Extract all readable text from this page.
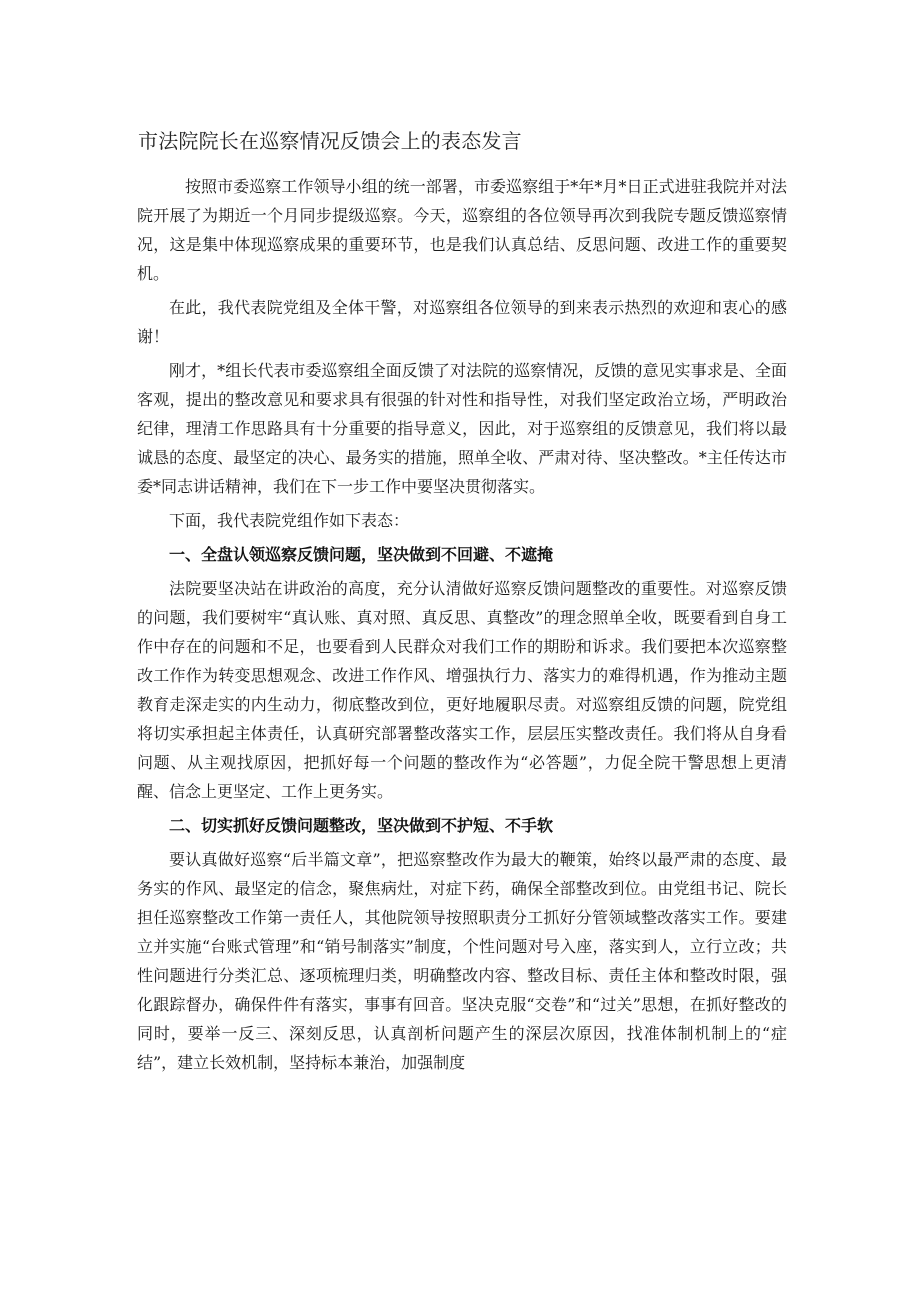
市法院院长在巡察情况反馈会上的表态发言

按照市委巡察工作领导小组的统一部署，市委巡察组于*年*月*日正式进驻我院并对法院开展了为期近一个月同步提级巡察。今天，巡察组的各位领导再次到我院专题反馈巡察情况，这是集中体现巡察成果的重要环节，也是我们认真总结、反思问题、改进工作的重要契机。

在此，我代表院党组及全体干警，对巡察组各位领导的到来表示热烈的欢迎和衷心的感谢！

刚才，*组长代表市委巡察组全面反馈了对法院的巡察情况，反馈的意见实事求是、全面客观，提出的整改意见和要求具有很强的针对性和指导性，对我们坚定政治立场，严明政治纪律，理清工作思路具有十分重要的指导意义，因此，对于巡察组的反馈意见，我们将以最诚恳的态度、最坚定的决心、最务实的措施，照单全收、严肃对待、坚决整改。*主任传达市委*同志讲话精神，我们在下一步工作中要坚决贯彻落实。

下面，我代表院党组作如下表态：

一、全盘认领巡察反馈问题，坚决做到不回避、不遮掩

法院要坚决站在讲政治的高度，充分认清做好巡察反馈问题整改的重要性。对巡察反馈的问题，我们要树牢“真认账、真对照、真反思、真整改”的理念照单全收，既要看到自身工作中存在的问题和不足，也要看到人民群众对我们工作的期盼和诉求。我们要把本次巡察整改工作作为转变思想观念、改进工作作风、增强执行力、落实力的难得机遇，作为推动主题教育走深走实的内生动力，彻底整改到位，更好地履职尽责。对巡察组反馈的问题，院党组将切实承担起主体责任，认真研究部署整改落实工作，层层压实整改责任。我们将从自身看问题、从主观找原因，把抓好每一个问题的整改作为“必答题”，力促全院干警思想上更清醒、信念上更坚定、工作上更务实。

二、切实抓好反馈问题整改，坚决做到不护短、不手软

要认真做好巡察“后半篇文章”，把巡察整改作为最大的鞭策，始终以最严肃的态度、最务实的作风、最坚定的信念，聚焦病灶，对症下药，确保全部整改到位。由党组书记、院长担任巡察整改工作第一责任人，其他院领导按照职责分工抓好分管领域整改落实工作。要建立并实施“台账式管理”和“销号制落实”制度，个性问题对号入座，落实到人，立行立改；共性问题进行分类汇总、逐项梳理归类，明确整改内容、整改目标、责任主体和整改时限，强化跟踪督办，确保件件有落实，事事有回音。坚决克服“交卷”和“过关”思想，在抓好整改的同时，要举一反三、深刻反思，认真剖析问题产生的深层次原因，找准体制机制上的“症结”，建立长效机制，坚持标本兼治，加强制度
